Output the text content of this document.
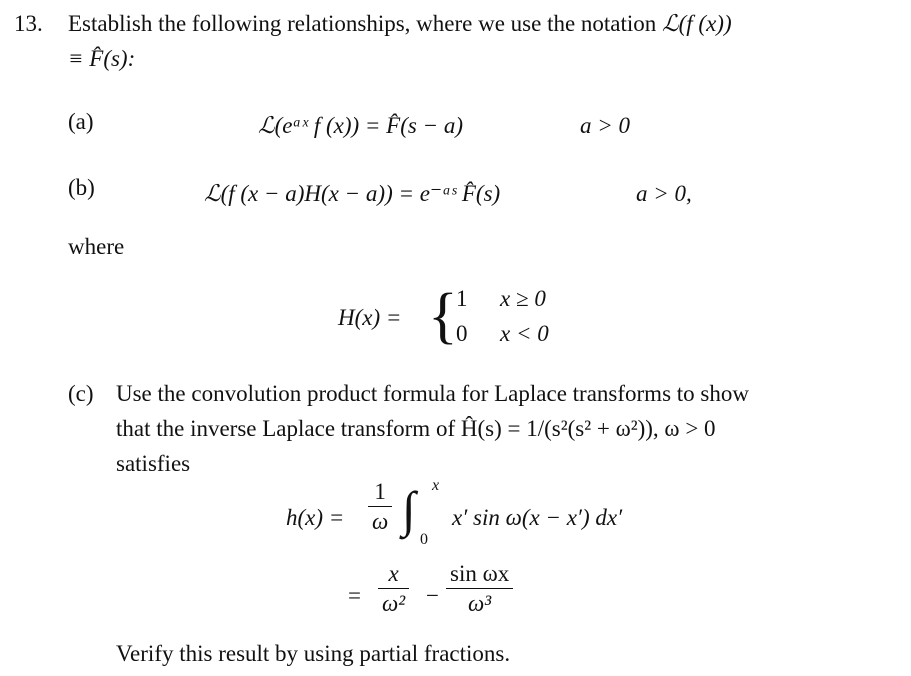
13. Establish the following relationships, where we use the notation ℒ(f (x))
≡ F̂(s):
(a)	ℒ(eᵃˣ f (x)) = F̂(s − a)	a > 0
(b)	ℒ(f (x − a)H(x − a)) = e⁻ᵃˢ F̂(s)	a > 0,
where
H(x) = {
1 x ≥ 0
0 x < 0
(c) Use the convolution product formula for Laplace transforms to show
that the inverse Laplace transform of Ĥ(s) = 1/(s²(s² + ω²)), ω > 0
satisfies
$h(x) = \frac{1}{\omega}$ ∫ x
0
x′ sin ω(x − x′) dx′
= $\frac{x}{\text{ω²}} - \frac{\text{sin ωx}}{\text{ω³}}$
Verify this result by using partial fractions.
